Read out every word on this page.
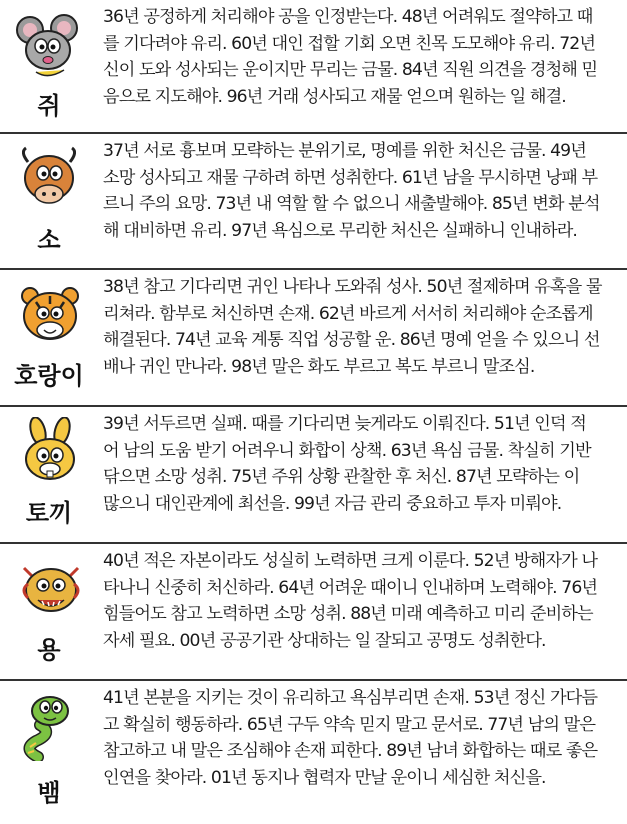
쥐
36년 공정하게 처리해야 공을 인정받는다. 48년 어려워도 절약하고 때
를 기다려야 유리. 60년 대인 접할 기회 오면 친목 도모해야 유리. 72년
신이 도와 성사되는 운이지만 무리는 금물. 84년 직원 의견을 경청해 믿
음으로 지도해야. 96년 거래 성사되고 재물 얻으며 원하는 일 해결.
소
37년 서로 흉보며 모략하는 분위기로, 명예를 위한 처신은 금물. 49년
소망 성사되고 재물 구하려 하면 성취한다. 61년 남을 무시하면 낭패 부
르니 주의 요망. 73년 내 역할 할 수 없으니 새출발해야. 85년 변화 분석
해 대비하면 유리. 97년 욕심으로 무리한 처신은 실패하니 인내하라.
호랑이
38년 참고 기다리면 귀인 나타나 도와줘 성사. 50년 절제하며 유혹을 물
리쳐라. 함부로 처신하면 손재. 62년 바르게 서서히 처리해야 순조롭게
해결된다. 74년 교육 계통 직업 성공할 운. 86년 명예 얻을 수 있으니 선
배나 귀인 만나라. 98년 말은 화도 부르고 복도 부르니 말조심.
토끼
39년 서두르면 실패. 때를 기다리면 늦게라도 이뤄진다. 51년 인덕 적
어 남의 도움 받기 어려우니 화합이 상책. 63년 욕심 금물. 착실히 기반
닦으면 소망 성취. 75년 주위 상황 관찰한 후 처신. 87년 모략하는 이
많으니 대인관계에 최선을. 99년 자금 관리 중요하고 투자 미뤄야.
용
40년 적은 자본이라도 성실히 노력하면 크게 이룬다. 52년 방해자가 나
타나니 신중히 처신하라. 64년 어려운 때이니 인내하며 노력해야. 76년
힘들어도 참고 노력하면 소망 성취. 88년 미래 예측하고 미리 준비하는
자세 필요. 00년 공공기관 상대하는 일 잘되고 공명도 성취한다.
뱀
41년 본분을 지키는 것이 유리하고 욕심부리면 손재. 53년 정신 가다듬
고 확실히 행동하라. 65년 구두 약속 믿지 말고 문서로. 77년 남의 말은
참고하고 내 말은 조심해야 손재 피한다. 89년 남녀 화합하는 때로 좋은
인연을 찾아라. 01년 동지나 협력자 만날 운이니 세심한 처신을.
